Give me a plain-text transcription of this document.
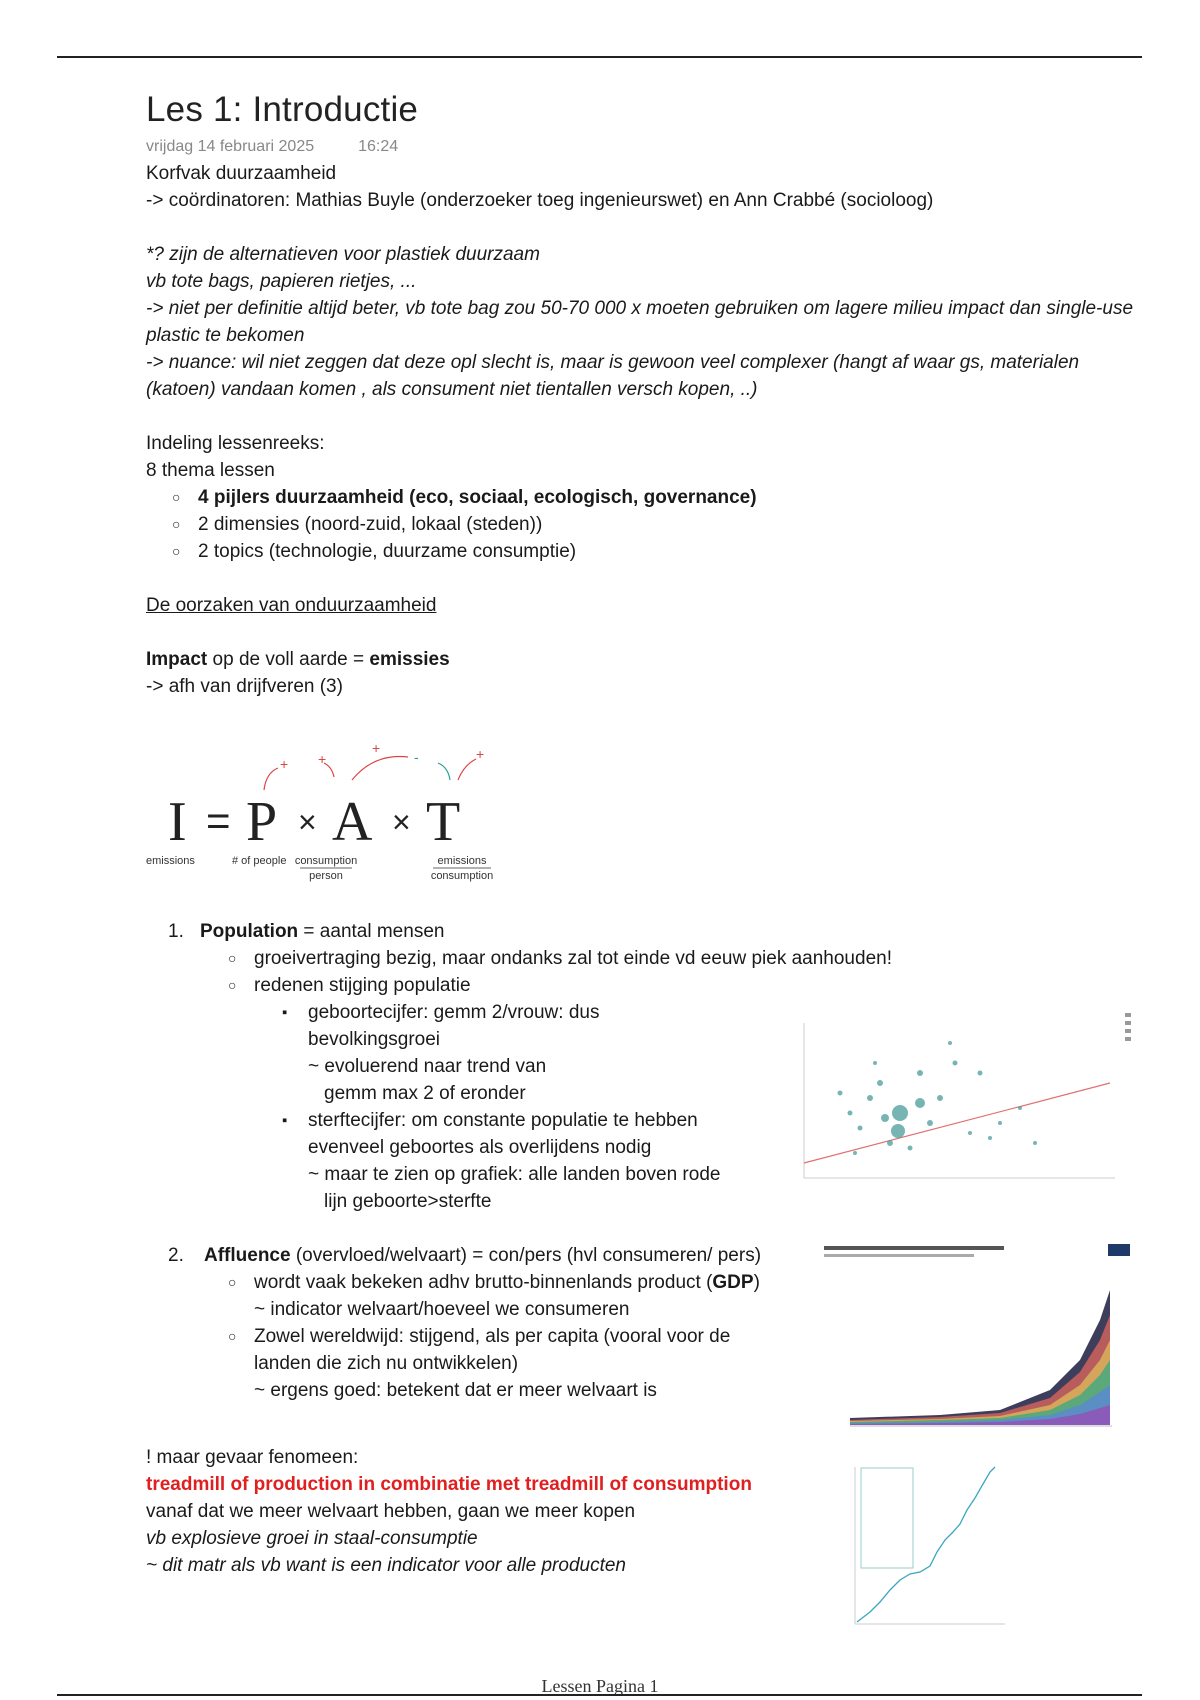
Les 1: Introductie
vrijdag 14 februari 2025	16:24

Korfvak duurzaamheid

-> coördinatoren: Mathias Buyle (onderzoeker toeg ingenieurswet) en Ann Crabbé (socioloog)

*? zijn de alternatieven voor plastiek duurzaam

vb tote bags, papieren rietjes, ...

-> niet per definitie altijd beter, vb tote bag zou 50-70 000 x moeten gebruiken om lagere milieu impact dan single-use plastic te bekomen

-> nuance: wil niet zeggen dat deze opl slecht is, maar is gewoon veel complexer (hangt af waar gs, materialen (katoen) vandaan komen , als consument niet tientallen versch kopen, ..)

Indeling lessenreeks:

8 thema lessen

○ 4 pijlers duurzaamheid (eco, sociaal, ecologisch, governance)
○ 2 dimensies (noord-zuid, lokaal (steden))
○ 2 topics (technologie, duurzame consumptie)

De oorzaken van onduurzaamheid

Impact op de voll aarde = emissies

-> afh van drijfveren (3)

1. Population = aantal mensen
○ groeivertraging bezig, maar ondanks zal tot einde vd eeuw piek aanhouden!
○ redenen stijging populatie
▪ geboortecijfer: gemm 2/vrouw: dus
bevolkingsgroei
~ evoluerend naar trend van
gemm max 2 of eronder
▪ sterftecijfer: om constante populatie te hebben
evenveel geboortes als overlijdens nodig
~ maar te zien op grafiek: alle landen boven rode
lijn geboorte>sterfte
2. Affluence (overvloed/welvaart) = con/pers (hvl consumeren/ pers)
○ wordt vaak bekeken adhv brutto-binnenlands product (GDP)
~ indicator welvaart/hoeveel we consumeren
○ Zowel wereldwijd: stijgend, als per capita (vooral voor de
landen die zich nu ontwikkelen)
~ ergens goed: betekent dat er meer welvaart is

! maar gevaar fenomeen:

treadmill of production in combinatie met treadmill of consumption

vanaf dat we meer welvaart hebben, gaan we meer kopen

vb explosieve groei in staal-consumptie

~ dit matr als vb want is een indicator voor alle producten

I = P × A × T
+ +
+
-	+
emissions	# of people consumption
person
emissions
consumption
Lessen Pagina 1
